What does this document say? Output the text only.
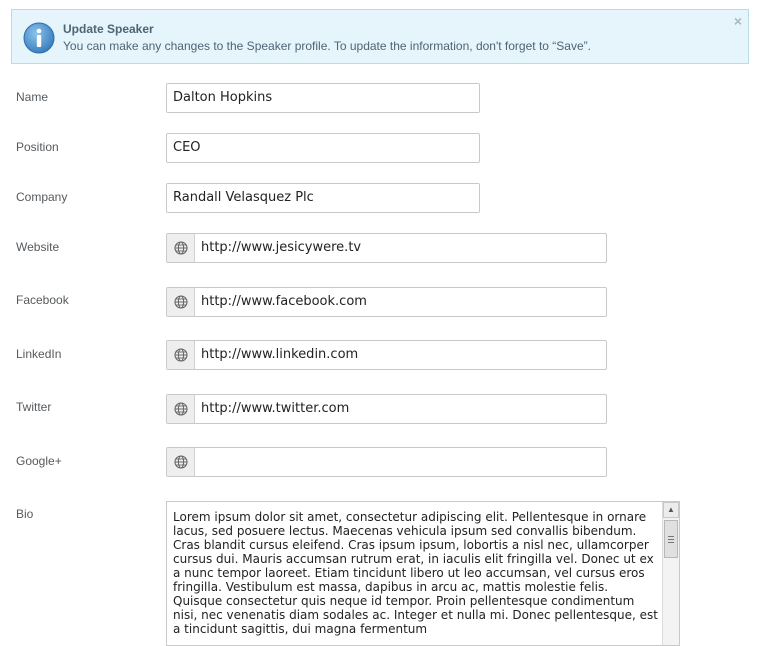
Update Speaker
You can make any changes to the Speaker profile. To update the information, don't forget to “Save”.
×
Name
Dalton Hopkins
Position
CEO
Company
Randall Velasquez Plc
Website
http://www.jesicywere.tv
Facebook
http://www.facebook.com
LinkedIn
http://www.linkedin.com
Twitter
http://www.twitter.com
Google+
Bio	Lorem ipsum dolor sit amet, consectetur adipiscing elit. Pellentesque in ornare lacus, sed posuere lectus. Maecenas vehicula ipsum sed convallis bibendum. Cras blandit cursus eleifend. Cras ipsum ipsum, lobortis a nisl nec, ullamcorper cursus dui. Mauris accumsan rutrum erat, in iaculis elit fringilla vel. Donec ut ex a nunc tempor laoreet. Etiam tincidunt libero ut leo accumsan, vel cursus eros fringilla. Vestibulum est massa, dapibus in arcu ac, mattis molestie felis. Quisque consectetur quis neque id tempor. Proin pellentesque condimentum nisi, nec venenatis diam sodales ac. Integer et nulla mi. Donec pellentesque, est a tincidunt sagittis, dui magna fermentum
▲
